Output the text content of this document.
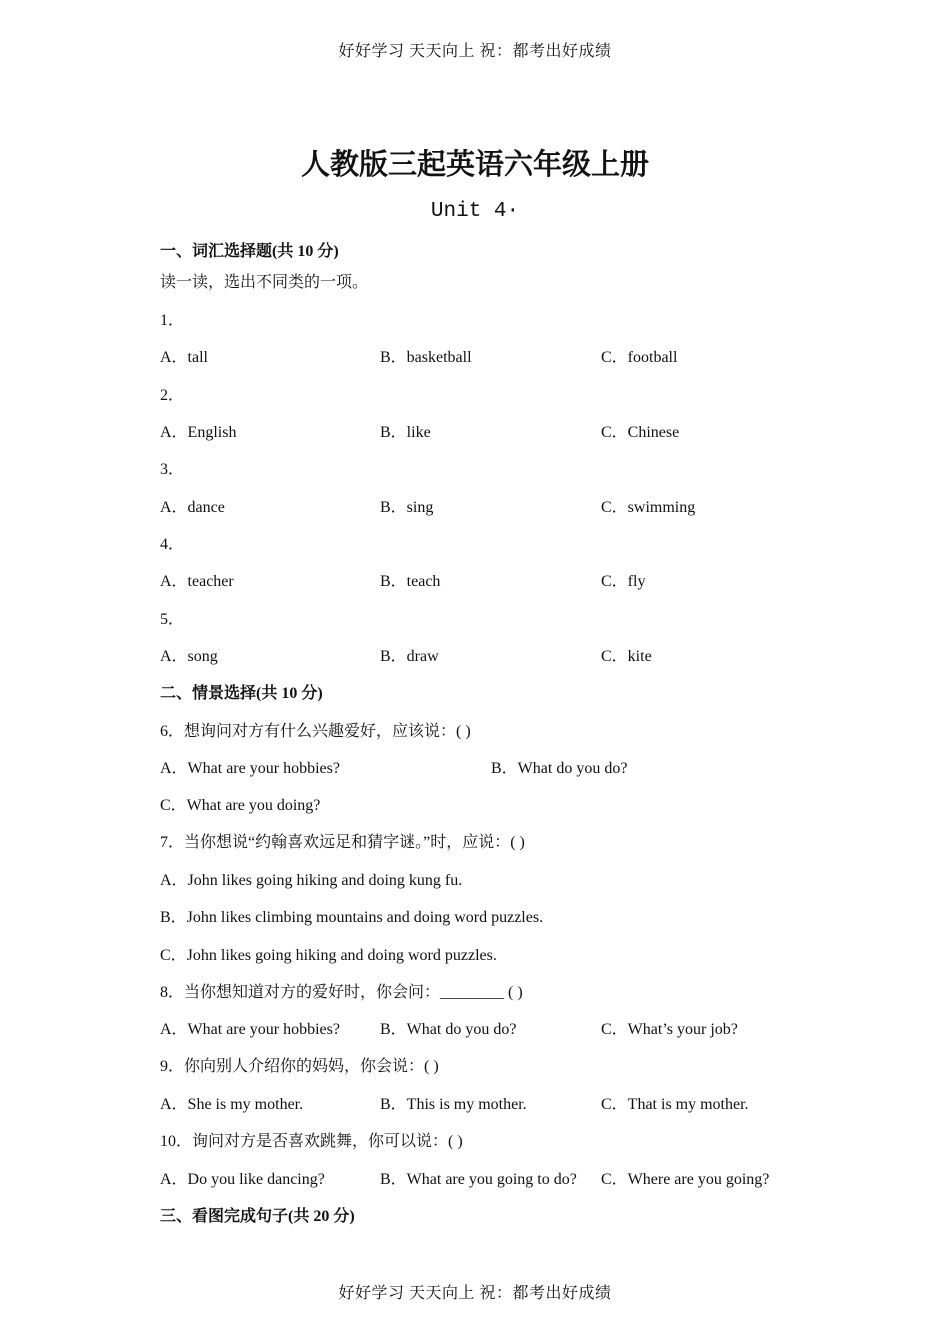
好好学习 天天向上 祝：都考出好成绩
人教版三起英语六年级上册
Unit 4·
一、词汇选择题(共 10 分)
读一读，选出不同类的一项。
1．
A．tall	B．basketball	C．football
2．
A．English	B．like	C．Chinese
3．
A．dance	B．sing	C．swimming
4．
A．teacher	B．teach	C．fly
5．
A．song	B．draw	C．kite
二、情景选择(共 10 分)
6．想询问对方有什么兴趣爱好，应该说：( )
A．What are your hobbies?	B．What do you do?
C．What are you doing?
7．当你想说“约翰喜欢远足和猜字谜。”时，应说：( )
A．John likes going hiking and doing kung fu.
B．John likes climbing mountains and doing word puzzles.
C．John likes going hiking and doing word puzzles.
8．当你想知道对方的爱好时，你会问：________ ( )
A．What are your hobbies?	B．What do you do?	C．What’s your job?
9．你向别人介绍你的妈妈，你会说：( )
A．She is my mother.	B．This is my mother.	C．That is my mother.
10．询问对方是否喜欢跳舞，你可以说：( )
A．Do you like dancing?	B．What are you going to do? C．Where are you going?
三、看图完成句子(共 20 分)
好好学习 天天向上 祝：都考出好成绩
